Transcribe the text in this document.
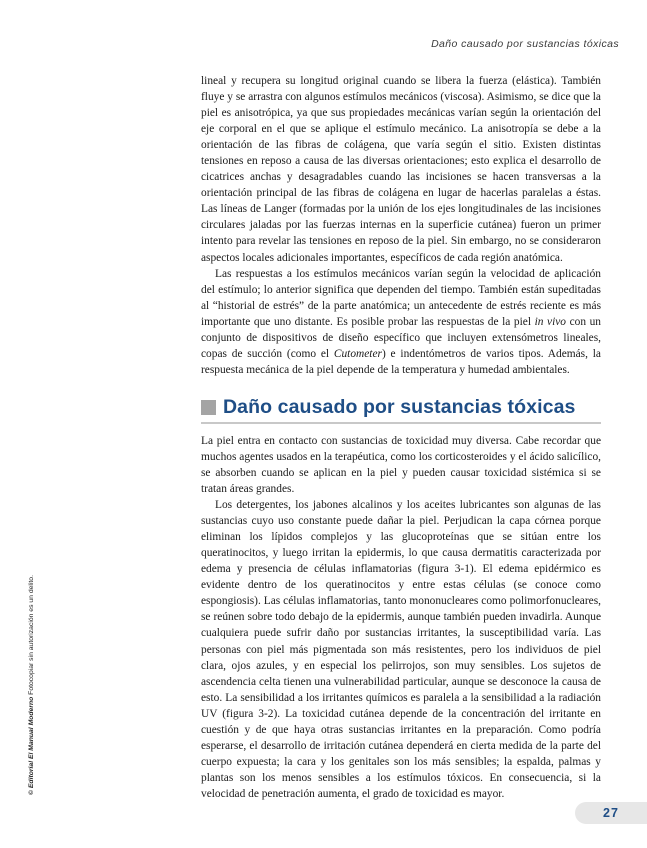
Daño causado por sustancias tóxicas

lineal y recupera su longitud original cuando se libera la fuerza (elástica). También fluye y se arrastra con algunos estímulos mecánicos (viscosa). Asimismo, se dice que la piel es anisotrópica, ya que sus propiedades mecánicas varían según la orientación del eje corporal en el que se aplique el estímulo mecánico. La anisotropía se debe a la orientación de las fibras de colágena, que varía según el sitio. Existen distintas tensiones en reposo a causa de las diversas orientaciones; esto explica el desarrollo de cicatrices anchas y desagradables cuando las incisiones se hacen transversas a la orientación principal de las fibras de colágena en lugar de hacerlas paralelas a éstas. Las líneas de Langer (formadas por la unión de los ejes longitudinales de las incisiones circulares jaladas por las fuerzas internas en la superficie cutánea) fueron un primer intento para revelar las tensiones en reposo de la piel. Sin embargo, no se consideraron aspectos locales adicionales importantes, específicos de cada región anatómica.

Las respuestas a los estímulos mecánicos varían según la velocidad de aplicación del estímulo; lo anterior significa que dependen del tiempo. También están supeditadas al “historial de estrés” de la parte anatómica; un antecedente de estrés reciente es más importante que uno distante. Es posible probar las respuestas de la piel in vivo con un conjunto de dispositivos de diseño específico que incluyen extensómetros lineales, copas de succión (como el Cutometer) e indentómetros de varios tipos. Además, la respuesta mecánica de la piel depende de la temperatura y humedad ambientales.

Daño causado por sustancias tóxicas

La piel entra en contacto con sustancias de toxicidad muy diversa. Cabe recordar que muchos agentes usados en la terapéutica, como los corticosteroides y el ácido salicílico, se absorben cuando se aplican en la piel y pueden causar toxicidad sistémica si se tratan áreas grandes.

Los detergentes, los jabones alcalinos y los aceites lubricantes son algunas de las sustancias cuyo uso constante puede dañar la piel. Perjudican la capa córnea porque eliminan los lípidos complejos y las glucoproteínas que se sitúan entre los queratinocitos, y luego irritan la epidermis, lo que causa dermatitis caracterizada por edema y presencia de células inflamatorias (figura 3-1). El edema epidérmico es evidente dentro de los queratinocitos y entre estas células (se conoce como espongiosis). Las células inflamatorias, tanto mononucleares como polimorfonucleares, se reúnen sobre todo debajo de la epidermis, aunque también pueden invadirla. Aunque cualquiera puede sufrir daño por sustancias irritantes, la susceptibilidad varía. Las personas con piel más pigmentada son más resistentes, pero los individuos de piel clara, ojos azules, y en especial los pelirrojos, son muy sensibles. Los sujetos de ascendencia celta tienen una vulnerabilidad particular, aunque se desconoce la causa de esto. La sensibilidad a los irritantes químicos es paralela a la sensibilidad a la radiación UV (figura 3-2). La toxicidad cutánea depende de la concentración del irritante en cuestión y de que haya otras sustancias irritantes en la preparación. Como podría esperarse, el desarrollo de irritación cutánea dependerá en cierta medida de la parte del cuerpo expuesta; la cara y los genitales son los más sensibles; la espalda, palmas y plantas son los menos sensibles a los estímulos tóxicos. En consecuencia, si la velocidad de penetración aumenta, el grado de toxicidad es mayor.

© Editorial El Manual Moderno Fotocopiar sin autorización es un delito.
27
